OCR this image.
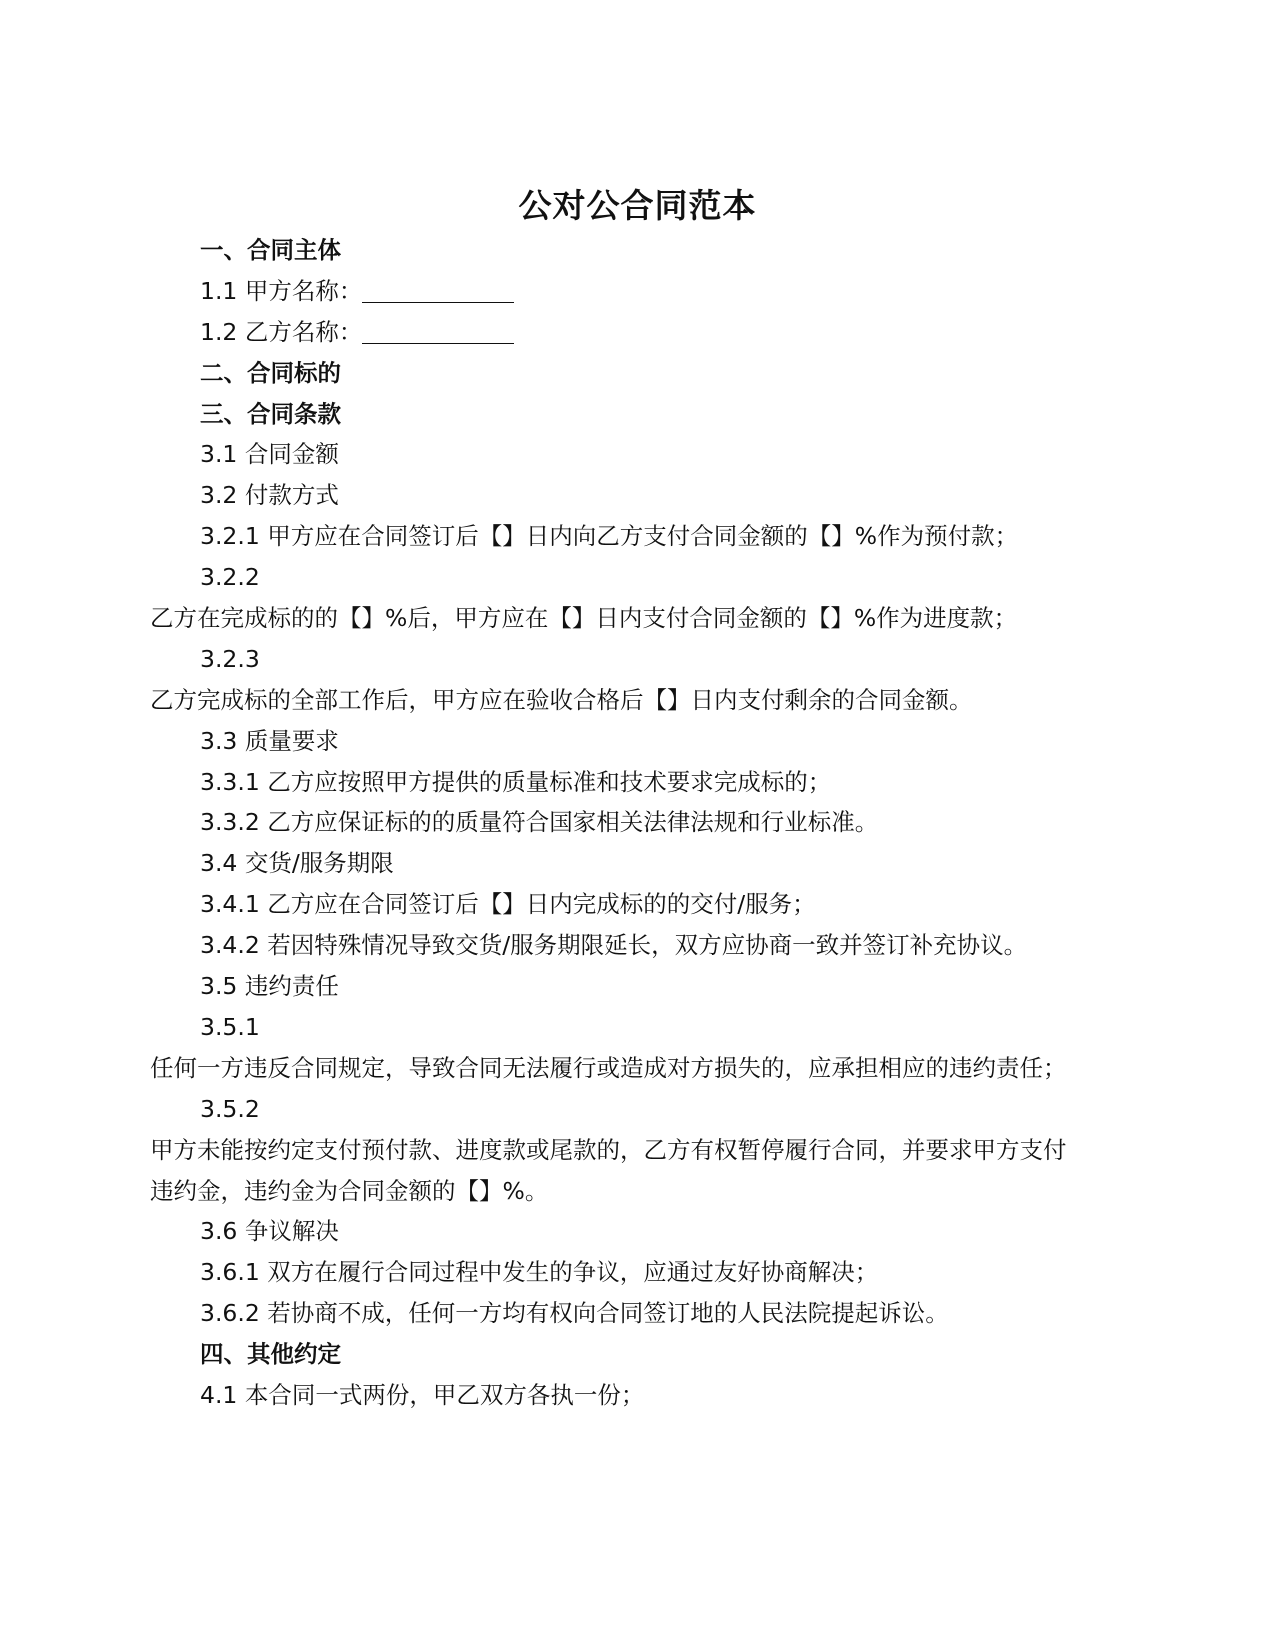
公对公合同范本
一、合同主体
1.1 甲方名称：
1.2 乙方名称：
二、合同标的
三、合同条款
3.1 合同金额
3.2 付款方式
3.2.1 甲方应在合同签订后【】日内向乙方支付合同金额的【】%作为预付款；
3.2.2
乙方在完成标的的【】%后，甲方应在【】日内支付合同金额的【】%作为进度款；
3.2.3
乙方完成标的全部工作后，甲方应在验收合格后【】日内支付剩余的合同金额。
3.3 质量要求
3.3.1 乙方应按照甲方提供的质量标准和技术要求完成标的；
3.3.2 乙方应保证标的的质量符合国家相关法律法规和行业标准。
3.4 交货/服务期限
3.4.1 乙方应在合同签订后【】日内完成标的的交付/服务；
3.4.2 若因特殊情况导致交货/服务期限延长，双方应协商一致并签订补充协议。
3.5 违约责任
3.5.1
任何一方违反合同规定，导致合同无法履行或造成对方损失的，应承担相应的违约责任；
3.5.2
甲方未能按约定支付预付款、进度款或尾款的，乙方有权暂停履行合同，并要求甲方支付
违约金，违约金为合同金额的【】%。
3.6 争议解决
3.6.1 双方在履行合同过程中发生的争议，应通过友好协商解决；
3.6.2 若协商不成，任何一方均有权向合同签订地的人民法院提起诉讼。
四、其他约定
4.1 本合同一式两份，甲乙双方各执一份；
